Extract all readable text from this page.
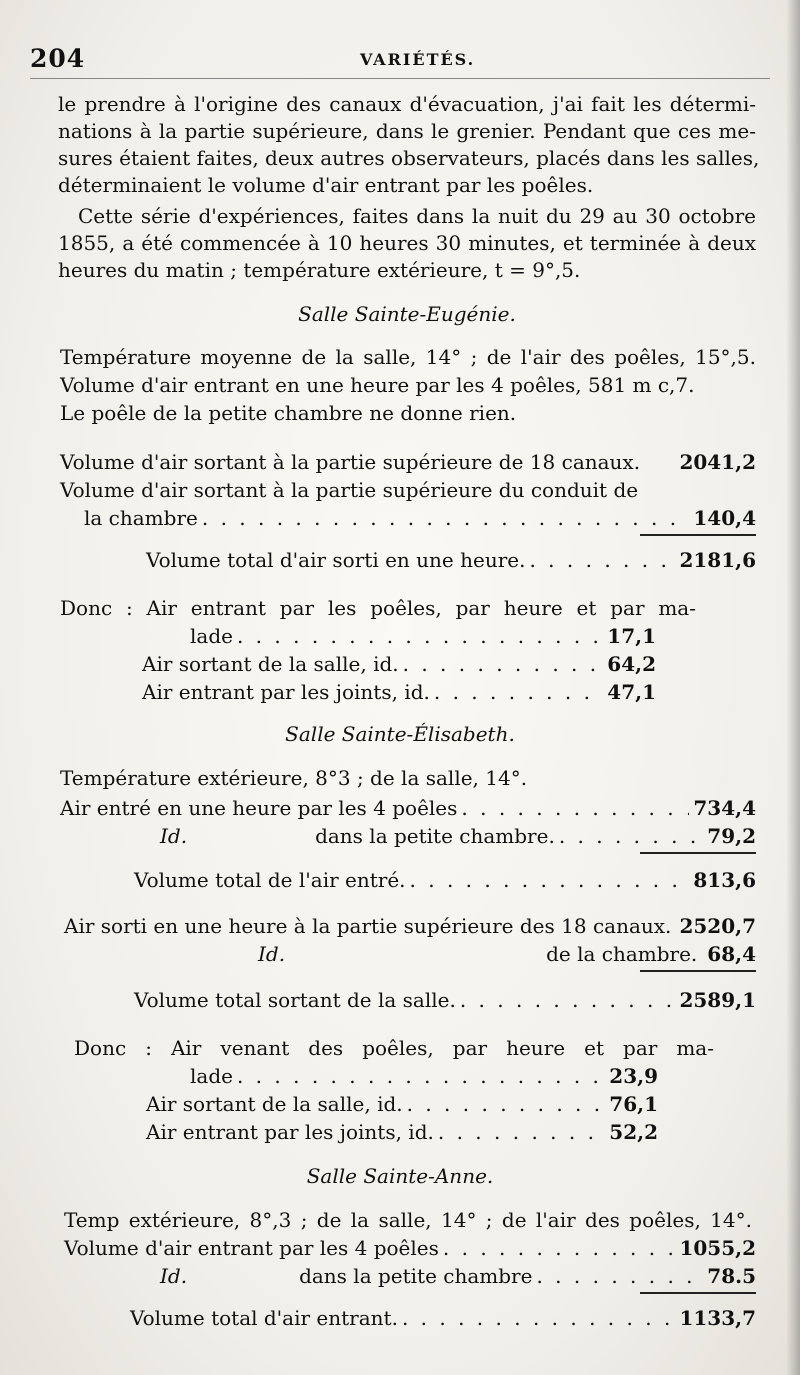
204	VARIÉTÉS.
le prendre à l'origine des canaux d'évacuation, j'ai fait les détermi-
nations à la partie supérieure, dans le grenier. Pendant que ces me-
sures étaient faites, deux autres observateurs, placés dans les salles,
déterminaient le volume d'air entrant par les poêles.
Cette série d'expériences, faites dans la nuit du 29 au 30 octobre
1855, a été commencée à 10 heures 30 minutes, et terminée à deux
heures du matin ; température extérieure, t = 9°,5.
Salle Sainte-Eugénie.
Température moyenne de la salle, 14° ; de l'air des poêles, 15°,5.
Volume d'air entrant en une heure par les 4 poêles, 581 m c,7.
Le poêle de la petite chambre ne donne rien.
Volume d'air sortant à la partie supérieure de 18 canaux. 2041,2
Volume d'air sortant à la partie supérieure du conduit de
la chambre . . .	140,4
Volume total d'air sorti en une heure. . . .	2181,6
Donc : Air entrant par les poêles, par heure et par ma-
lade . . .	17,1
Air sortant de la salle, id. . . .	64,2
Air entrant par les joints, id. . . .	47,1
Salle Sainte-Élisabeth.
Température extérieure, 8°3 ; de la salle, 14°.
Air entré en une heure par les 4 poêles . . .	734,4
Id.	dans la petite chambre. . . .	79,2
Volume total de l'air entré. . . .	813,6
Air sorti en une heure à la partie supérieure des 18 canaux. 2520,7
Id.	de la chambre. 68,4
Volume total sortant de la salle. . . .	2589,1
Donc : Air venant des poêles, par heure et par ma-
lade . . .	23,9
Air sortant de la salle, id. . . .	76,1
Air entrant par les joints, id. . . .	52,2
Salle Sainte-Anne.
Temp extérieure, 8°,3 ; de la salle, 14° ; de l'air des poêles, 14°.
Volume d'air entrant par les 4 poêles . . .	1055,2
Id.	dans la petite chambre . . .	78.5
Volume total d'air entrant. . . .	1133,7
